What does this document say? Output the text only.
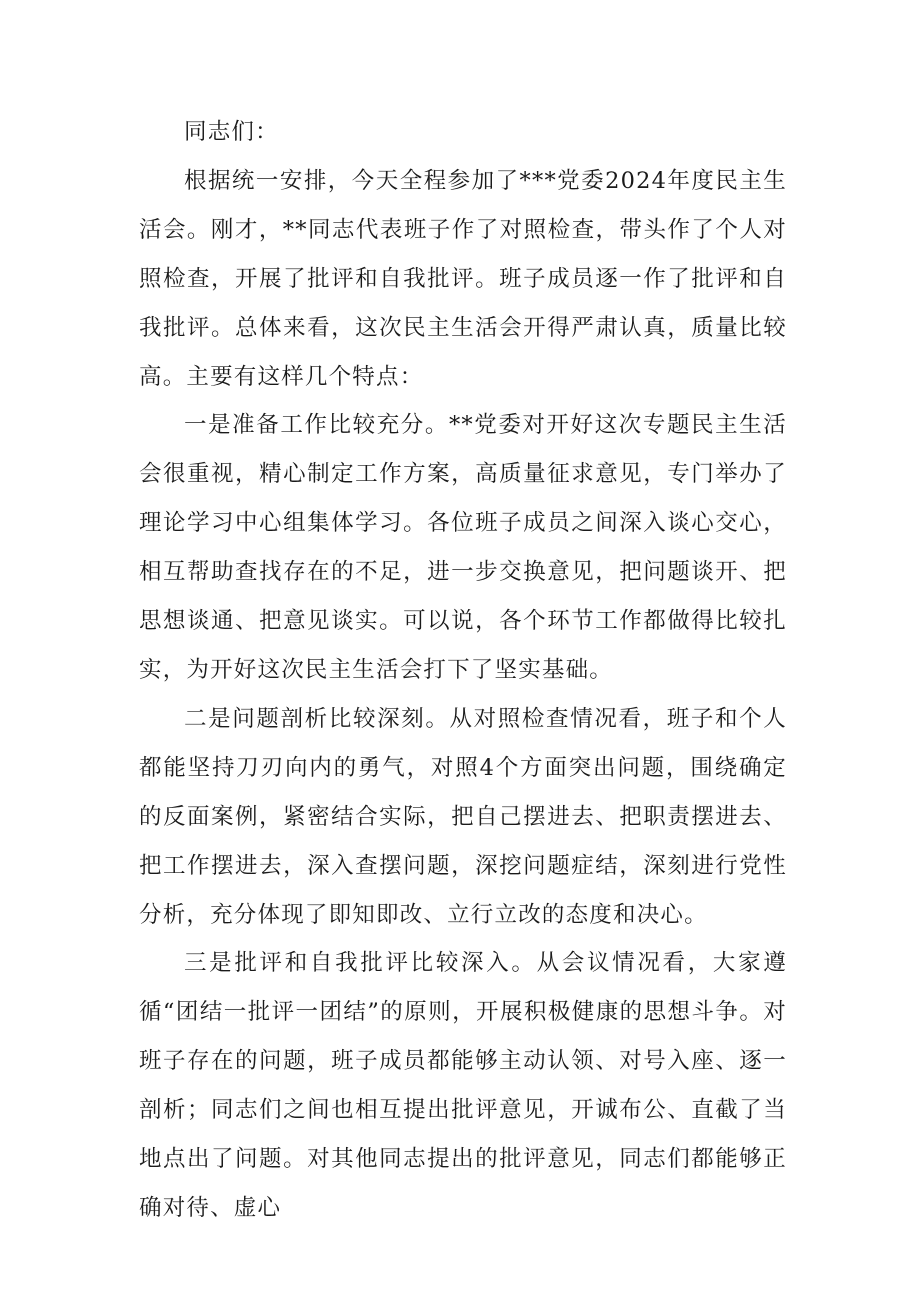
同志们：

根据统一安排，今天全程参加了***党委2024年度民主生活会。刚才，**同志代表班子作了对照检查，带头作了个人对照检查，开展了批评和自我批评。班子成员逐一作了批评和自我批评。总体来看，这次民主生活会开得严肃认真，质量比较高。主要有这样几个特点：

一是准备工作比较充分。**党委对开好这次专题民主生活会很重视，精心制定工作方案，高质量征求意见，专门举办了理论学习中心组集体学习。各位班子成员之间深入谈心交心，相互帮助查找存在的不足，进一步交换意见，把问题谈开、把思想谈通、把意见谈实。可以说，各个环节工作都做得比较扎实，为开好这次民主生活会打下了坚实基础。

二是问题剖析比较深刻。从对照检查情况看，班子和个人都能坚持刀刃向内的勇气，对照4个方面突出问题，围绕确定的反面案例，紧密结合实际，把自己摆进去、把职责摆进去、把工作摆进去，深入查摆问题，深挖问题症结，深刻进行党性分析，充分体现了即知即改、立行立改的态度和决心。

三是批评和自我批评比较深入。从会议情况看，大家遵循“团结一批评一团结”的原则，开展积极健康的思想斗争。对班子存在的问题，班子成员都能够主动认领、对号入座、逐一剖析；同志们之间也相互提出批评意见，开诚布公、直截了当地点出了问题。对其他同志提出的批评意见，同志们都能够正确对待、虚心
